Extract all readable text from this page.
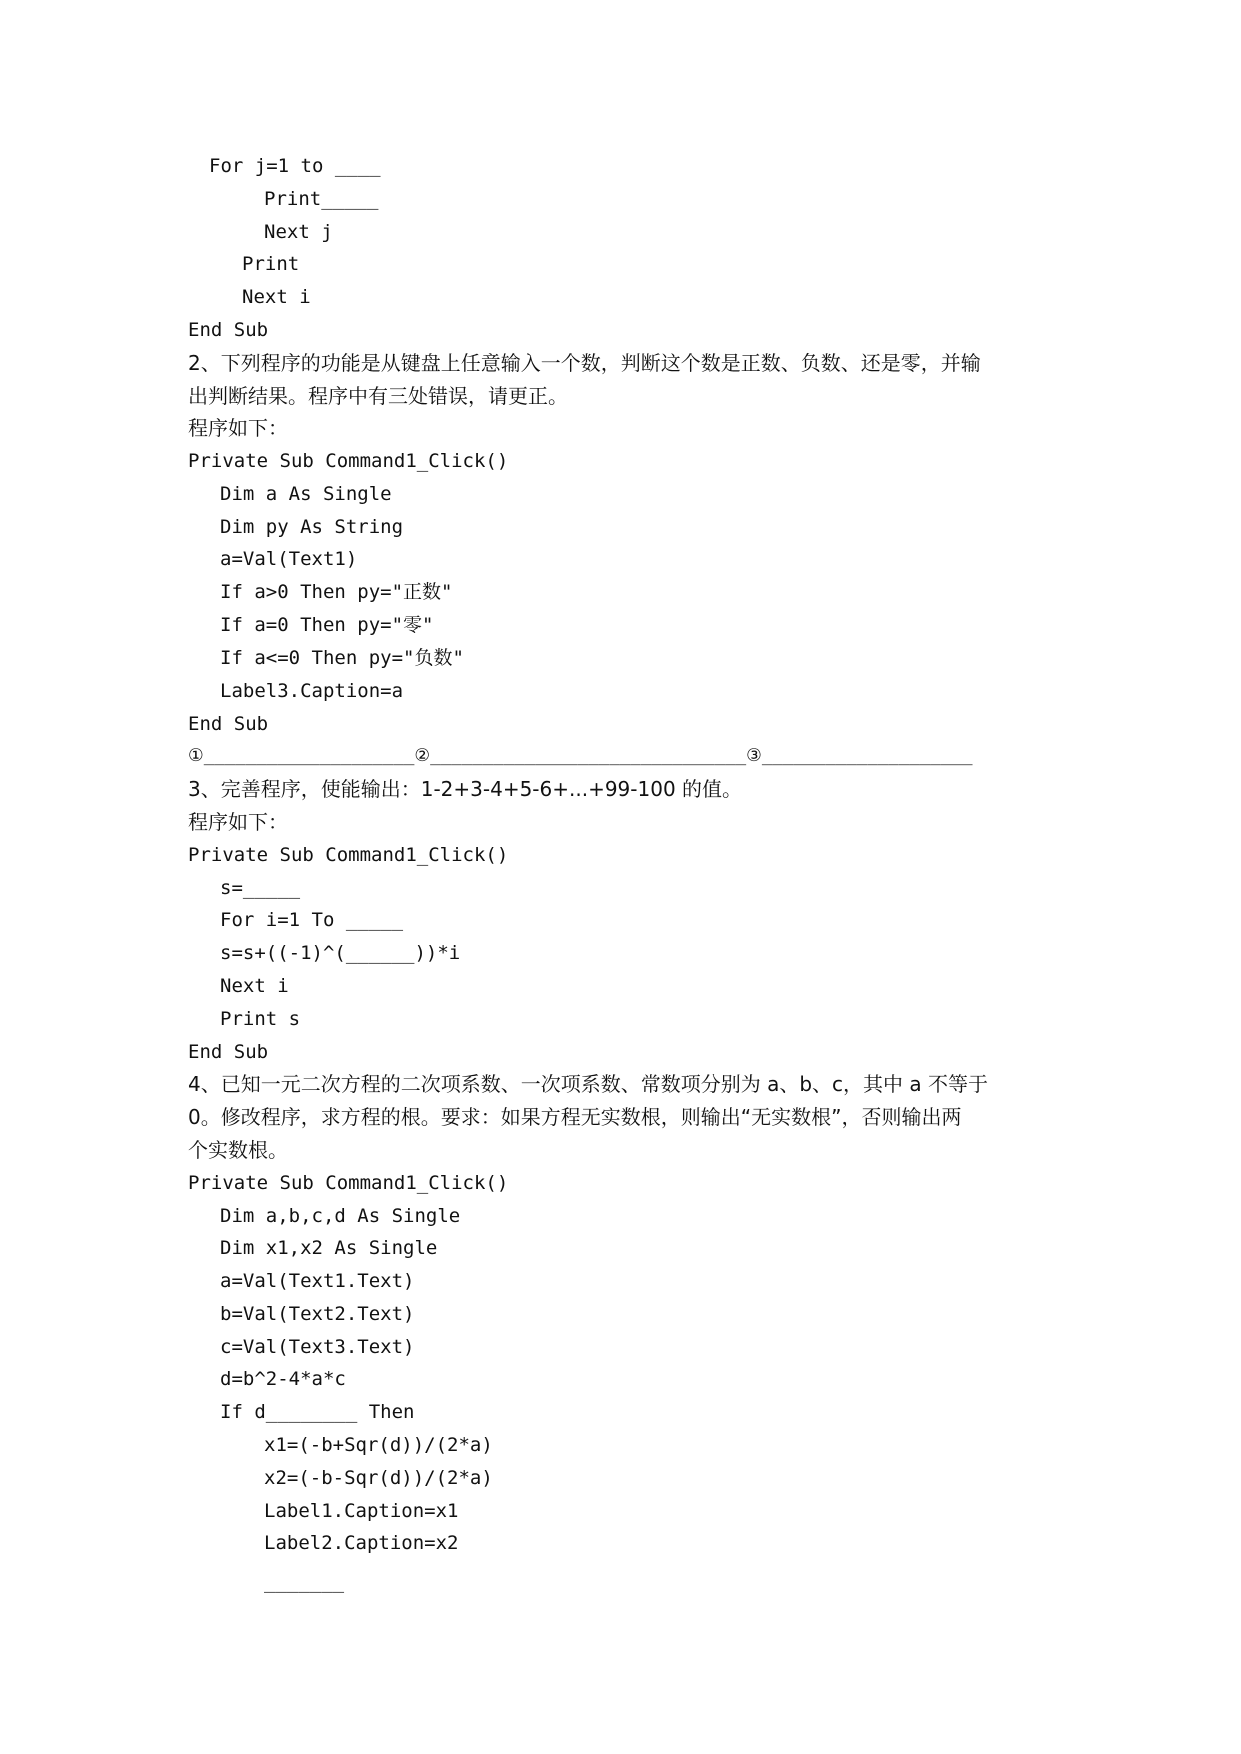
For j=1 to ____
Print_____
Next j
Print
Next i
End Sub
2、下列程序的功能是从键盘上任意输入一个数，判断这个数是正数、负数、还是零，并输
出判断结果。程序中有三处错误，请更正。
程序如下：
Private Sub Command1_Click()
Dim a As Single
Dim py As String
a=Val(Text1)
If a>0 Then py="正数"
If a=0 Then py="零"
If a<=0 Then py="负数"
Label3.Caption=a
End Sub
①____________________②______________________________③____________________
3、完善程序，使能输出：1-2+3-4+5-6+...+99-100 的值。
程序如下：
Private Sub Command1_Click()
s=_____
For i=1 To _____
s=s+((-1)^(______))*i
Next i
Print s
End Sub
4、已知一元二次方程的二次项系数、一次项系数、常数项分别为 a、b、c，其中 a 不等于
0。修改程序，求方程的根。要求：如果方程无实数根，则输出“无实数根”，否则输出两
个实数根。
Private Sub Command1_Click()
Dim a,b,c,d As Single
Dim x1,x2 As Single
a=Val(Text1.Text)
b=Val(Text2.Text)
c=Val(Text3.Text)
d=b^2-4*a*c
If d________ Then
x1=(-b+Sqr(d))/(2*a)
x2=(-b-Sqr(d))/(2*a)
Label1.Caption=x1
Label2.Caption=x2
_______
